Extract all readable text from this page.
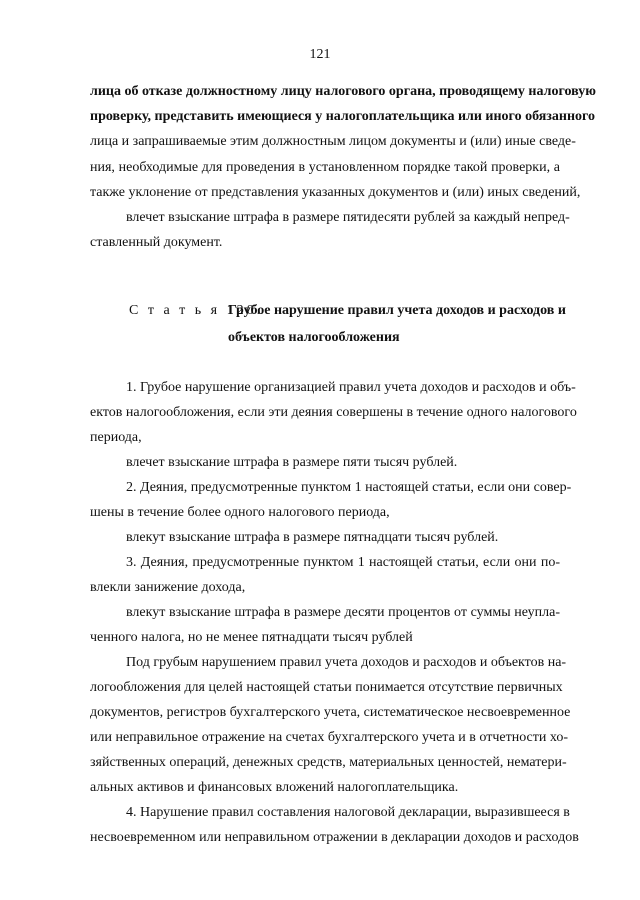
121
лица об отказе должностному лицу налогового органа, проводящему налоговую
проверку, представить имеющиеся у налогоплательщика или иного обязанного
лица и запрашиваемые этим должностным лицом документы и (или) иные сведе-
ния, необходимые для проведения в установленном порядке такой проверки, а
также уклонение от представления указанных документов и (или) иных сведений,
влечет взыскание штрафа в размере пятидесяти рублей за каждый непред-
ставленный документ.
С т а т ь я 120.
Грубое нарушение правил учета доходов и расходов и
объектов налогообложения
1. Грубое нарушение организацией правил учета доходов и расходов и объ-
ектов налогообложения, если эти деяния совершены в течение одного налогового
периода,
влечет взыскание штрафа в размере пяти тысяч рублей.
2. Деяния, предусмотренные пунктом 1 настоящей статьи, если они совер-
шены в течение более одного налогового периода,
влекут взыскание штрафа в размере пятнадцати тысяч рублей.
3. Деяния, предусмотренные пунктом 1 настоящей статьи, если они по-
влекли занижение дохода,
влекут взыскание штрафа в размере десяти процентов от суммы неупла-
ченного налога, но не менее пятнадцати тысяч рублей
Под грубым нарушением правил учета доходов и расходов и объектов на-
логообложения для целей настоящей статьи понимается отсутствие первичных
документов, регистров бухгалтерского учета, систематическое несвоевременное
или неправильное отражение на счетах бухгалтерского учета и в отчетности хо-
зяйственных операций, денежных средств, материальных ценностей, нематери-
альных активов и финансовых вложений налогоплательщика.
4. Нарушение правил составления налоговой декларации, выразившееся в
несвоевременном или неправильном отражении в декларации доходов и расходов
